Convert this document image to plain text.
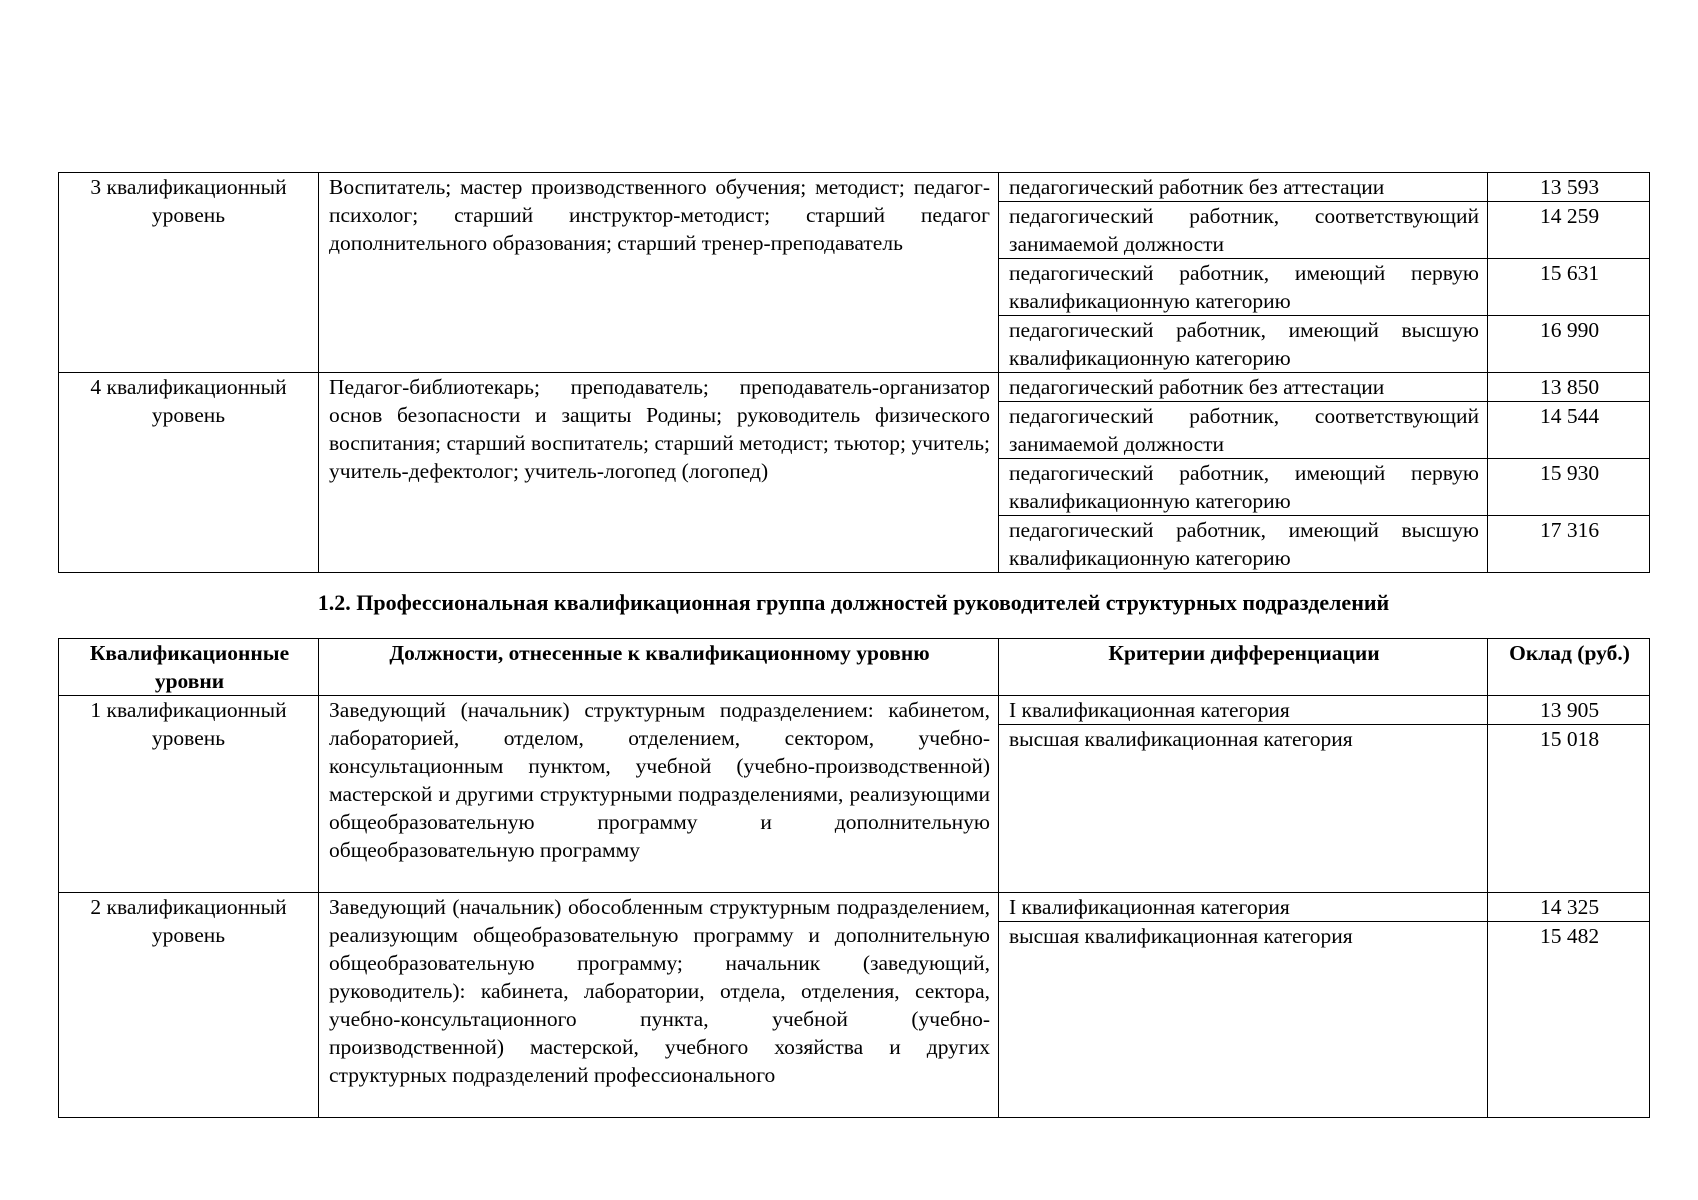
3 квалификационный уровень	Воспитатель; мастер производственного обучения; методист; педагог-психолог; старший инструктор-методист; старший педагог дополнительного образования; старший тренер-преподаватель	педагогический работник без аттестации	13 593
		педагогический работник, соответствующий занимаемой должности	14 259
		педагогический работник, имеющий первую квалификационную категорию	15 631
		педагогический работник, имеющий высшую квалификационную категорию	16 990
4 квалификационный уровень	Педагог-библиотекарь; преподаватель; преподаватель-организатор основ безопасности и защиты Родины; руководитель физического воспитания; старший воспитатель; старший методист; тьютор; учитель; учитель-дефектолог; учитель-логопед (логопед)	педагогический работник без аттестации	13 850
		педагогический работник, соответствующий занимаемой должности	14 544
		педагогический работник, имеющий первую квалификационную категорию	15 930
		педагогический работник, имеющий высшую квалификационную категорию	17 316
1.2. Профессиональная квалификационная группа должностей руководителей структурных подразделений
Квалификационные уровни	Должности, отнесенные к квалификационному уровню	Критерии дифференциации	Оклад (руб.)
1 квалификационный уровень	Заведующий (начальник) структурным подразделением: кабинетом, лабораторией, отделом, отделением, сектором, учебно-консультационным пунктом, учебной (учебно-производственной) мастерской и другими структурными подразделениями, реализующими общеобразовательную программу и дополнительную общеобразовательную программу	I квалификационная категория	13 905
		высшая квалификационная категория	15 018
2 квалификационный уровень	Заведующий (начальник) обособленным структурным подразделением, реализующим общеобразовательную программу и дополнительную общеобразовательную программу; начальник (заведующий, руководитель): кабинета, лаборатории, отдела, отделения, сектора, учебно-консультационного пункта, учебной (учебно-производственной) мастерской, учебного хозяйства и других структурных подразделений профессионального	I квалификационная категория	14 325
		высшая квалификационная категория	15 482
